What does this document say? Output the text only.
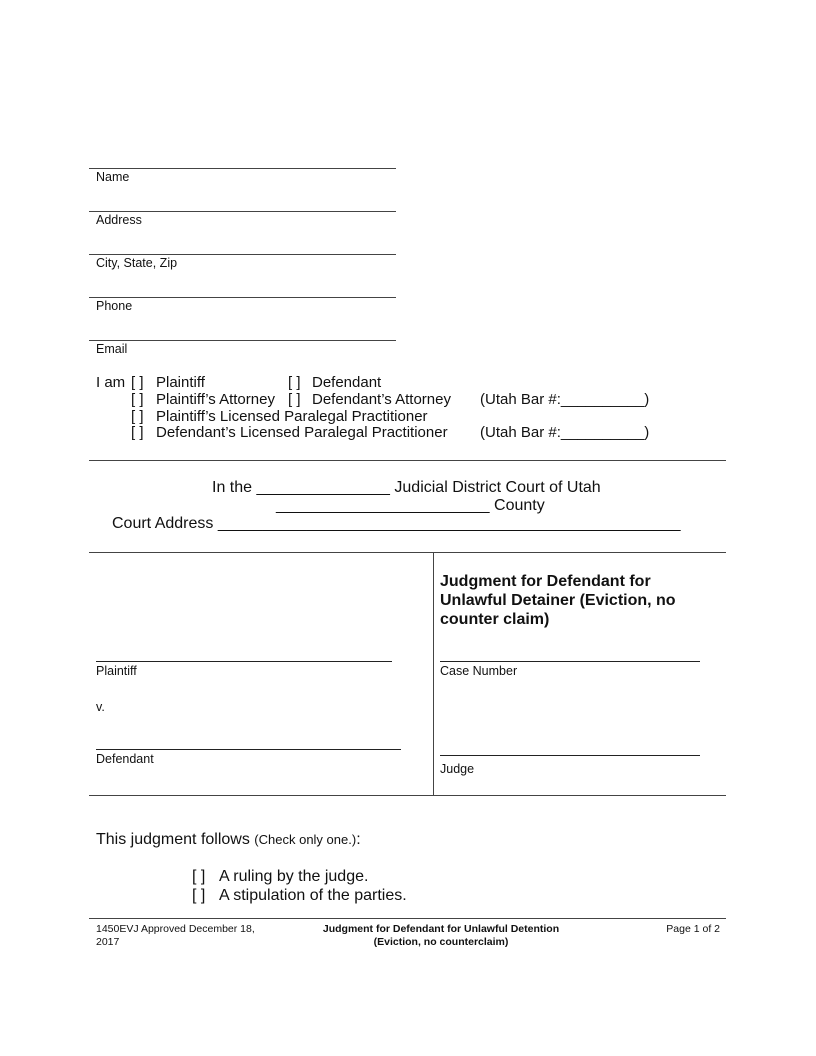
Name
Address
City, State, Zip
Phone
Email
I am [ ] Plaintiff	[ ] Defendant
[ ] Plaintiff’s Attorney [ ] Defendant’s Attorney (Utah Bar #:__________)
[ ] Plaintiff’s Licensed Paralegal Practitioner
[ ] Defendant’s Licensed Paralegal Practitioner (Utah Bar #:__________)
In the _______________ Judicial District Court of Utah
________________________ County
Court Address ____________________________________________________
Plaintiff
v.
Defendant
Judgment for Defendant for
Unlawful Detainer (Eviction, no
counter claim)
Case Number
Judge
This judgment follows (Check only one.):
[ ] A ruling by the judge.
[ ] A stipulation of the parties.
1450EVJ Approved December 18,
2017
Judgment for Defendant for Unlawful Detention
(Eviction, no counterclaim)
Page 1 of 2
